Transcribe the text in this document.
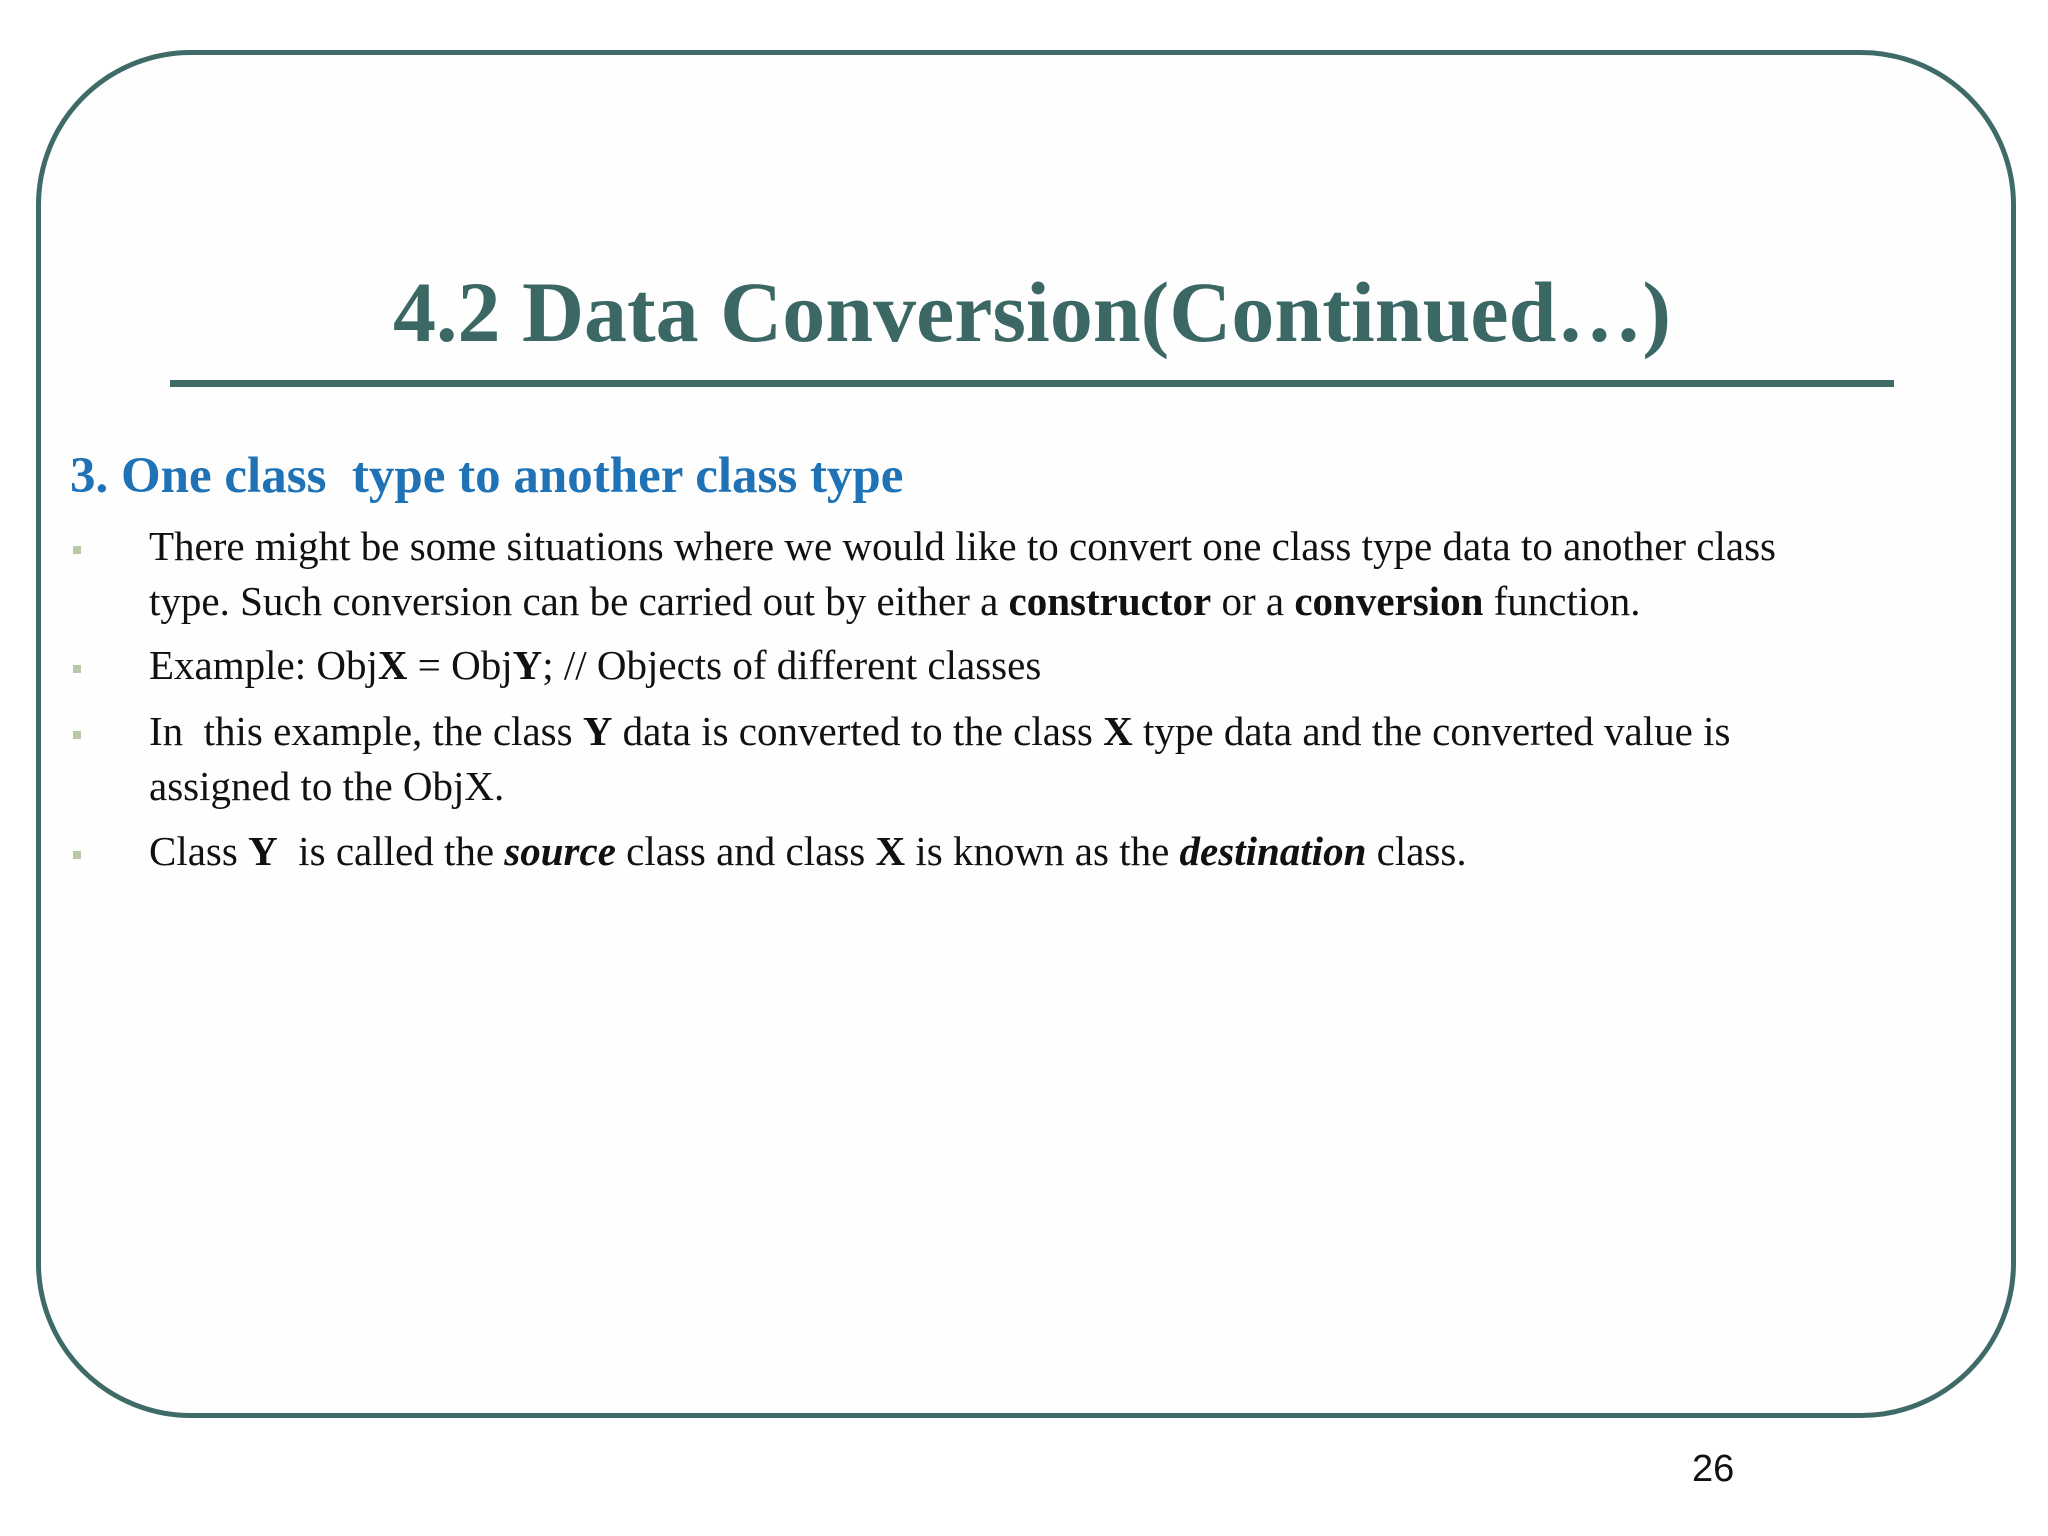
4.2 Data Conversion(Continued…)
3. One class  type to another class type
There might be some situations where we would like to convert one class type data to another class
type. Such conversion can be carried out by either a constructor or a conversion function.
Example: ObjX = ObjY; // Objects of different classes
In  this example, the class Y data is converted to the class X type data and the converted value is
assigned to the ObjX.
Class Y  is called the source class and class X is known as the destination class.
26
